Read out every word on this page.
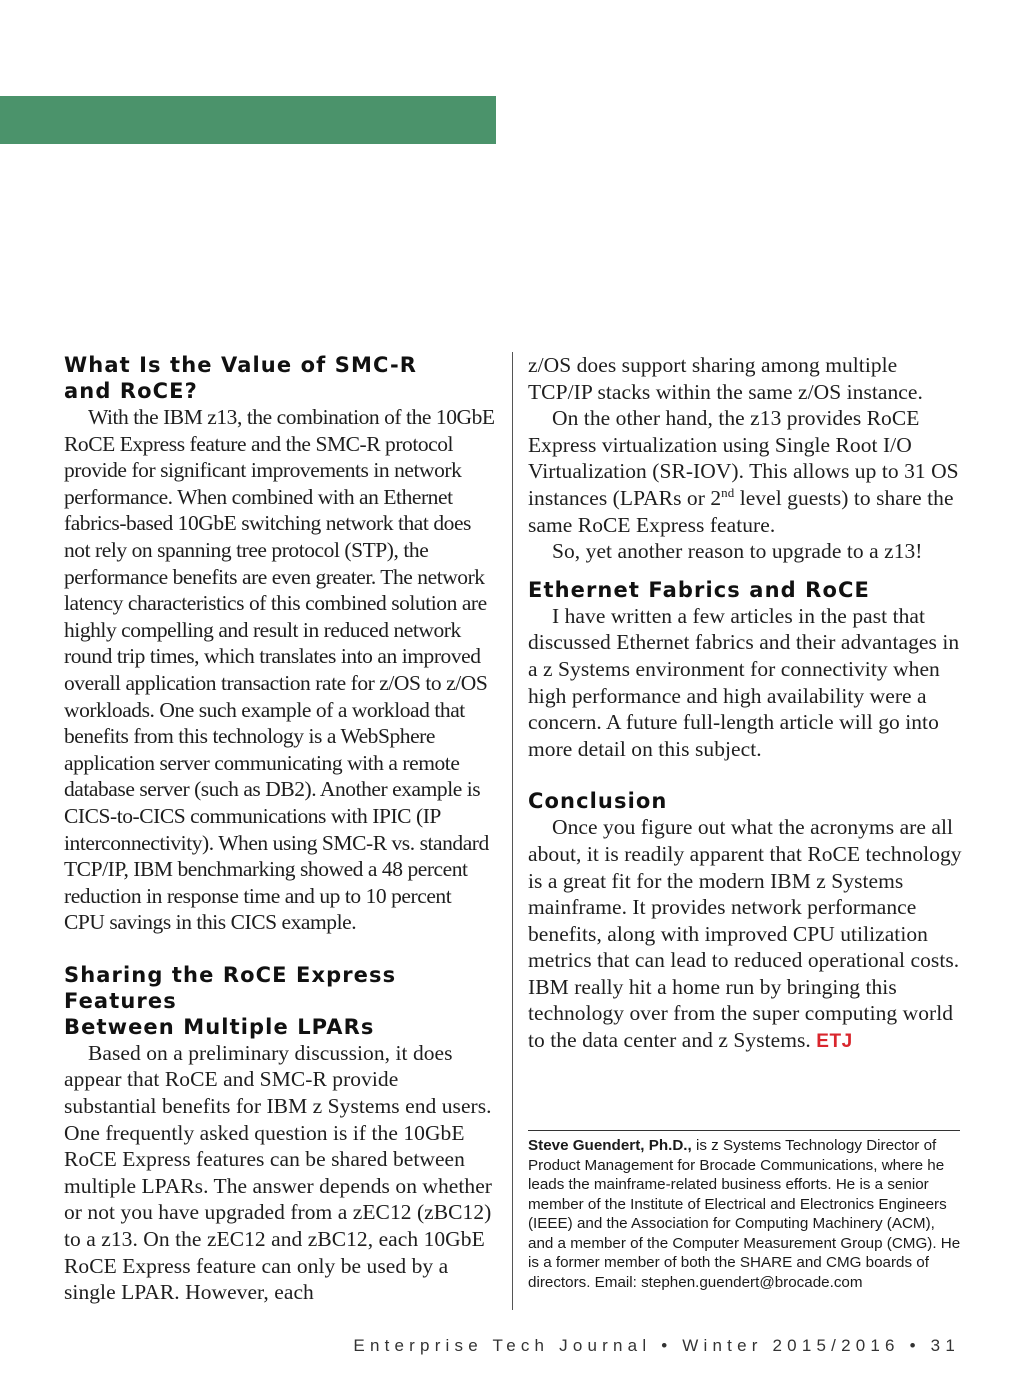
What Is the Value of SMC-R
and RoCE?

With the IBM z13, the combination of the 10GbE RoCE Express feature and the SMC-R protocol provide for significant improvements in network performance. When combined with an Ethernet fabrics-based 10GbE switching network that does not rely on spanning tree protocol (STP), the performance benefits are even greater. The network latency characteristics of this combined solution are highly compelling and result in reduced network round trip times, which translates into an improved overall application transaction rate for z/OS to z/OS workloads. One such example of a workload that benefits from this technology is a WebSphere application server communicating with a remote database server (such as DB2). Another example is CICS-to-CICS communications with IPIC (IP interconnectivity). When using SMC-R vs. standard TCP/IP, IBM benchmarking showed a 48 percent reduction in response time and up to 10 percent CPU savings in this CICS example.

Sharing the RoCE Express Features
Between Multiple LPARs

Based on a preliminary discussion, it does appear that RoCE and SMC-R provide substantial benefits for IBM z Systems end users. One frequently asked question is if the 10GbE RoCE Express features can be shared between multiple LPARs. The answer depends on whether or not you have upgraded from a zEC12 (zBC12) to a z13. On the zEC12 and zBC12, each 10GbE RoCE Express feature can only be used by a single LPAR. However, each

z/OS does support sharing among multiple TCP/IP stacks within the same z/OS instance.

On the other hand, the z13 provides RoCE Express virtualization using Single Root I/O Virtualization (SR-IOV). This allows up to 31 OS instances (LPARs or 2nd level guests) to share the same RoCE Express feature.

So, yet another reason to upgrade to a z13!

Ethernet Fabrics and RoCE

I have written a few articles in the past that discussed Ethernet fabrics and their advantages in a z Systems environment for connectivity when high performance and high availability were a concern. A future full-length article will go into more detail on this subject.

Conclusion

Once you figure out what the acronyms are all about, it is readily apparent that RoCE technology is a great fit for the modern IBM z Systems mainframe. It provides network performance benefits, along with improved CPU utilization metrics that can lead to reduced operational costs. IBM really hit a home run by bringing this technology over from the super computing world to the data center and z Systems. ETJ

Steve Guendert, Ph.D., is z Systems Technology Director of Product Management for Brocade Communications, where he leads the mainframe-related business efforts. He is a senior member of the Institute of Electrical and Electronics Engineers (IEEE) and the Association for Computing Machinery (ACM), and a member of the Computer Measurement Group (CMG). He is a former member of both the SHARE and CMG boards of directors. Email: stephen.guendert@brocade.com
Enterprise Tech Journal • Winter 2015/2016 • 31
